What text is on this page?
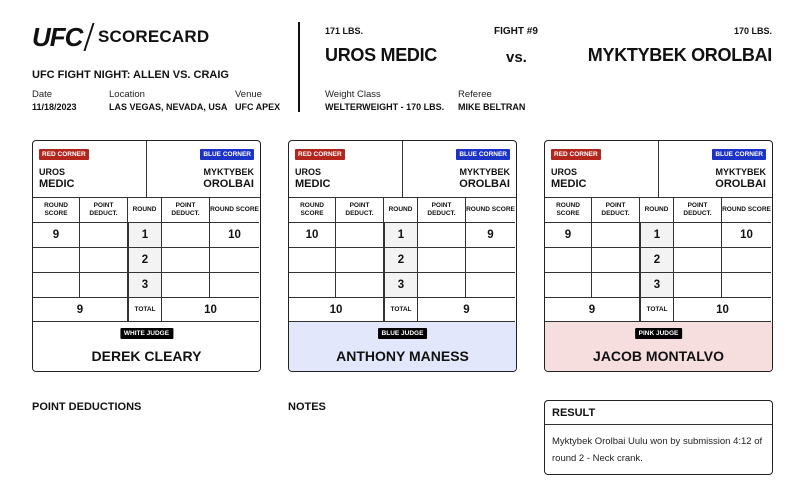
UFC SCORECARD
UFC FIGHT NIGHT: ALLEN VS. CRAIG
Date
11/18/2023
Location
LAS VEGAS, NEVADA, USA
Venue
UFC APEX
171 LBS.	FIGHT #9	170 LBS.
UROS MEDIC	vs.	MYKTYBEK OROLBAI
Weight Class
WELTERWEIGHT - 170 LBS.
Referee
MIKE BELTRAN
RED CORNER
UROS
MEDIC
BLUE CORNER
MYKTYBEK
OROLBAI
ROUND SCORE
POINT DEDUCT.
ROUND
POINT DEDUCT.
ROUND SCORE
9	1	10
2
3
9	TOTAL	10
WHITE JUDGE
DEREK CLEARY
RED CORNER
UROS
MEDIC
BLUE CORNER
MYKTYBEK
OROLBAI
ROUND SCORE
POINT DEDUCT.
ROUND
POINT DEDUCT.
ROUND SCORE
10	1	9
2
3
10	TOTAL	9
BLUE JUDGE
ANTHONY MANESS
RED CORNER
UROS
MEDIC
BLUE CORNER
MYKTYBEK
OROLBAI
ROUND SCORE
POINT DEDUCT.
ROUND
POINT DEDUCT.
ROUND SCORE
9	1	10
2
3
9	TOTAL	10
PINK JUDGE
JACOB MONTALVO
POINT DEDUCTIONS	NOTES	RESULT
Myktybek Orolbai Uulu won by submission 4:12 of round 2 - Neck crank.
